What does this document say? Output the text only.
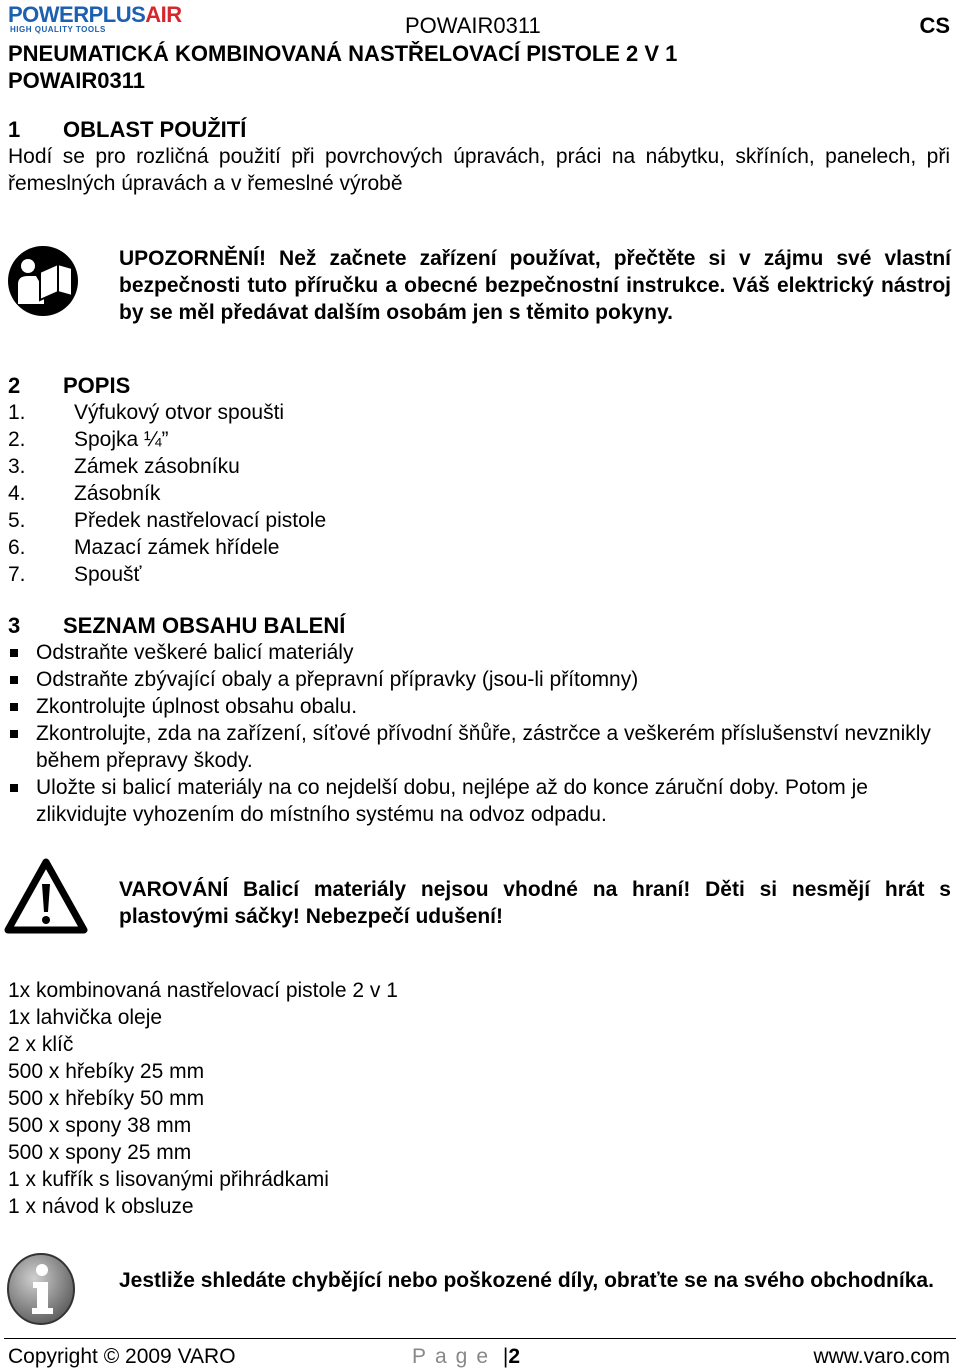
POWERPLUSAIR
HIGH QUALITY TOOLS	POWAIR0311	CS
PNEUMATICKÁ KOMBINOVANÁ NASTŘELOVACÍ PISTOLE 2 V 1
POWAIR0311
1 OBLAST POUŽITÍ
Hodí se pro rozličná použití při povrchových úpravách, práci na nábytku, skříních, panelech, při řemeslných úpravách a v řemeslné výrobě
UPOZORNĚNÍ! Než začnete zařízení používat, přečtěte si v zájmu své vlastní bezpečnosti tuto příručku a obecné bezpečnostní instrukce. Váš elektrický nástroj by se měl předávat dalším osobám jen s těmito pokyny.
2 POPIS
1. Výfukový otvor spoušti
2. Spojka ¼”
3. Zámek zásobníku
4. Zásobník
5. Předek nastřelovací pistole
6. Mazací zámek hřídele
7. Spoušť
3 SEZNAM OBSAHU BALENÍ
Odstraňte veškeré balicí materiály
Odstraňte zbývající obaly a přepravní přípravky (jsou-li přítomny)
Zkontrolujte úplnost obsahu obalu.
Zkontrolujte, zda na zařízení, síťové přívodní šňůře, zástrčce a veškerém příslušenství nevznikly během přepravy škody.
Uložte si balicí materiály na co nejdelší dobu, nejlépe až do konce záruční doby. Potom je zlikvidujte vyhozením do místního systému na odvoz odpadu.
VAROVÁNÍ Balicí materiály nejsou vhodné na hraní! Děti si nesmějí hrát s plastovými sáčky! Nebezpečí udušení!
1x kombinovaná nastřelovací pistole 2 v 1
1x lahvička oleje
2 x klíč
500 x hřebíky 25 mm
500 x hřebíky 50 mm
500 x spony 38 mm
500 x spony 25 mm
1 x kufřík s lisovanými přihrádkami
1 x návod k obsluze
Jestliže shledáte chybějící nebo poškozené díly, obraťte se na svého obchodníka.
Copyright © 2009 VARO	Page |2	www.varo.com
